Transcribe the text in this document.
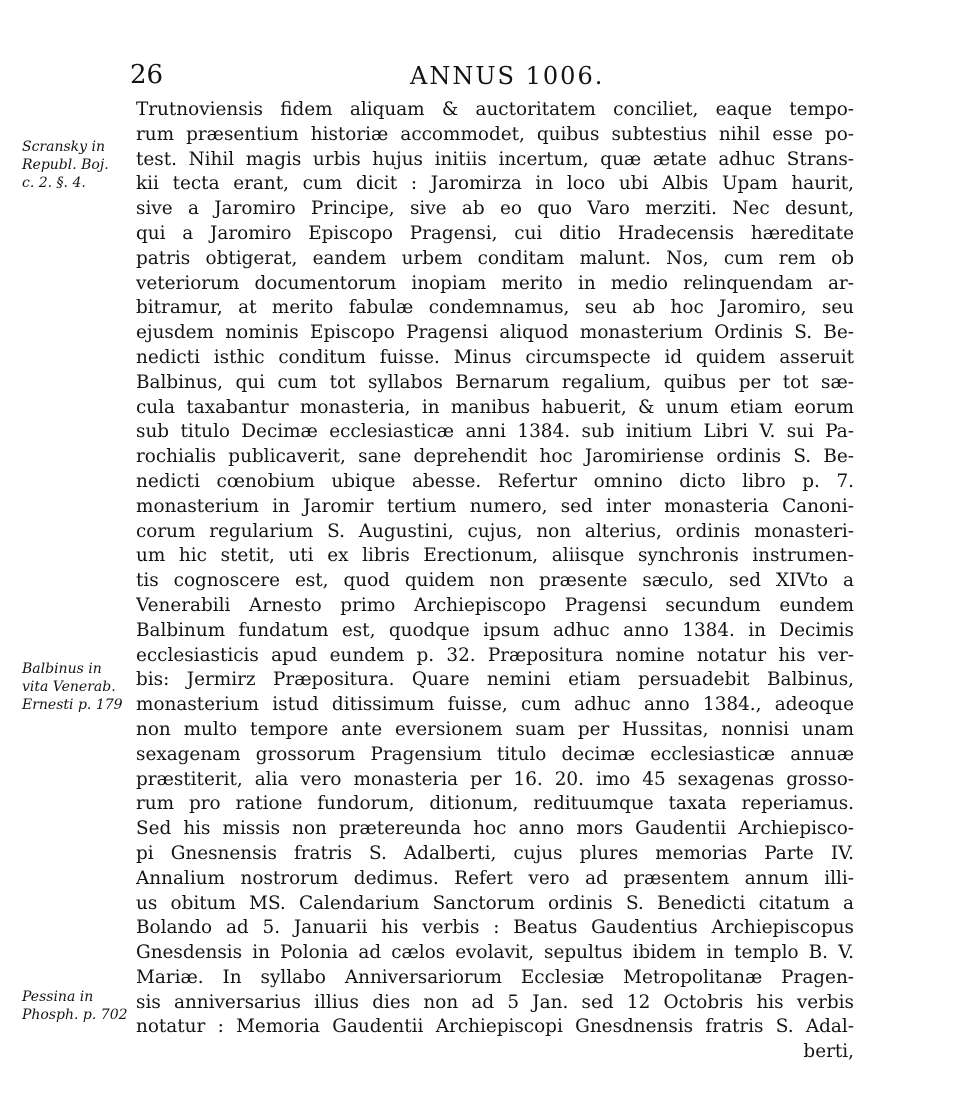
26	ANNUS 1006.
Scransky in
Republ. Boj.
c. 2. §. 4.
Balbinus in
vita Venerab.
Ernesti p. 179
Pessina in
Phosph. p. 702
Trutnoviensis fidem aliquam & auctoritatem conciliet, eaque tempo-
rum præsentium historiæ accommodet, quibus subtestius nihil esse po-
test. Nihil magis urbis hujus initiis incertum, quæ ætate adhuc Strans-
kii tecta erant, cum dicit : Jaromirza in loco ubi Albis Upam haurit,
sive a Jaromiro Principe, sive ab eo quo Varo merziti. Nec desunt,
qui a Jaromiro Episcopo Pragensi, cui ditio Hradecensis hæreditate
patris obtigerat, eandem urbem conditam malunt. Nos, cum rem ob
veteriorum documentorum inopiam merito in medio relinquendam ar-
bitramur, at merito fabulæ condemnamus, seu ab hoc Jaromiro, seu
ejusdem nominis Episcopo Pragensi aliquod monasterium Ordinis S. Be-
nedicti isthic conditum fuisse. Minus circumspecte id quidem asseruit
Balbinus, qui cum tot syllabos Bernarum regalium, quibus per tot sæ-
cula taxabantur monasteria, in manibus habuerit, & unum etiam eorum
sub titulo Decimæ ecclesiasticæ anni 1384. sub initium Libri V. sui Pa-
rochialis publicaverit, sane deprehendit hoc Jaromiriense ordinis S. Be-
nedicti cœnobium ubique abesse. Refertur omnino dicto libro p. 7.
monasterium in Jaromir tertium numero, sed inter monasteria Canoni-
corum regularium S. Augustini, cujus, non alterius, ordinis monasteri-
um hic stetit, uti ex libris Erectionum, aliisque synchronis instrumen-
tis cognoscere est, quod quidem non præsente sæculo, sed XIVto a
Venerabili Arnesto primo Archiepiscopo Pragensi secundum eundem
Balbinum fundatum est, quodque ipsum adhuc anno 1384. in Decimis
ecclesiasticis apud eundem p. 32. Præpositura nomine notatur his ver-
bis: Jermirz Præpositura. Quare nemini etiam persuadebit Balbinus,
monasterium istud ditissimum fuisse, cum adhuc anno 1384., adeoque
non multo tempore ante eversionem suam per Hussitas, nonnisi unam
sexagenam grossorum Pragensium titulo decimæ ecclesiasticæ annuæ
præstiterit, alia vero monasteria per 16. 20. imo 45 sexagenas grosso-
rum pro ratione fundorum, ditionum, redituumque taxata reperiamus.
Sed his missis non prætereunda hoc anno mors Gaudentii Archiepisco-
pi Gnesnensis fratris S. Adalberti, cujus plures memorias Parte IV.
Annalium nostrorum dedimus. Refert vero ad præsentem annum illi-
us obitum MS. Calendarium Sanctorum ordinis S. Benedicti citatum a
Bolando ad 5. Januarii his verbis : Beatus Gaudentius Archiepiscopus
Gnesdensis in Polonia ad cælos evolavit, sepultus ibidem in templo B. V.
Mariæ. In syllabo Anniversariorum Ecclesiæ Metropolitanæ Pragen-
sis anniversarius illius dies non ad 5 Jan. sed 12 Octobris his verbis
notatur : Memoria Gaudentii Archiepiscopi Gnesdnensis fratris S. Adal-
berti,
